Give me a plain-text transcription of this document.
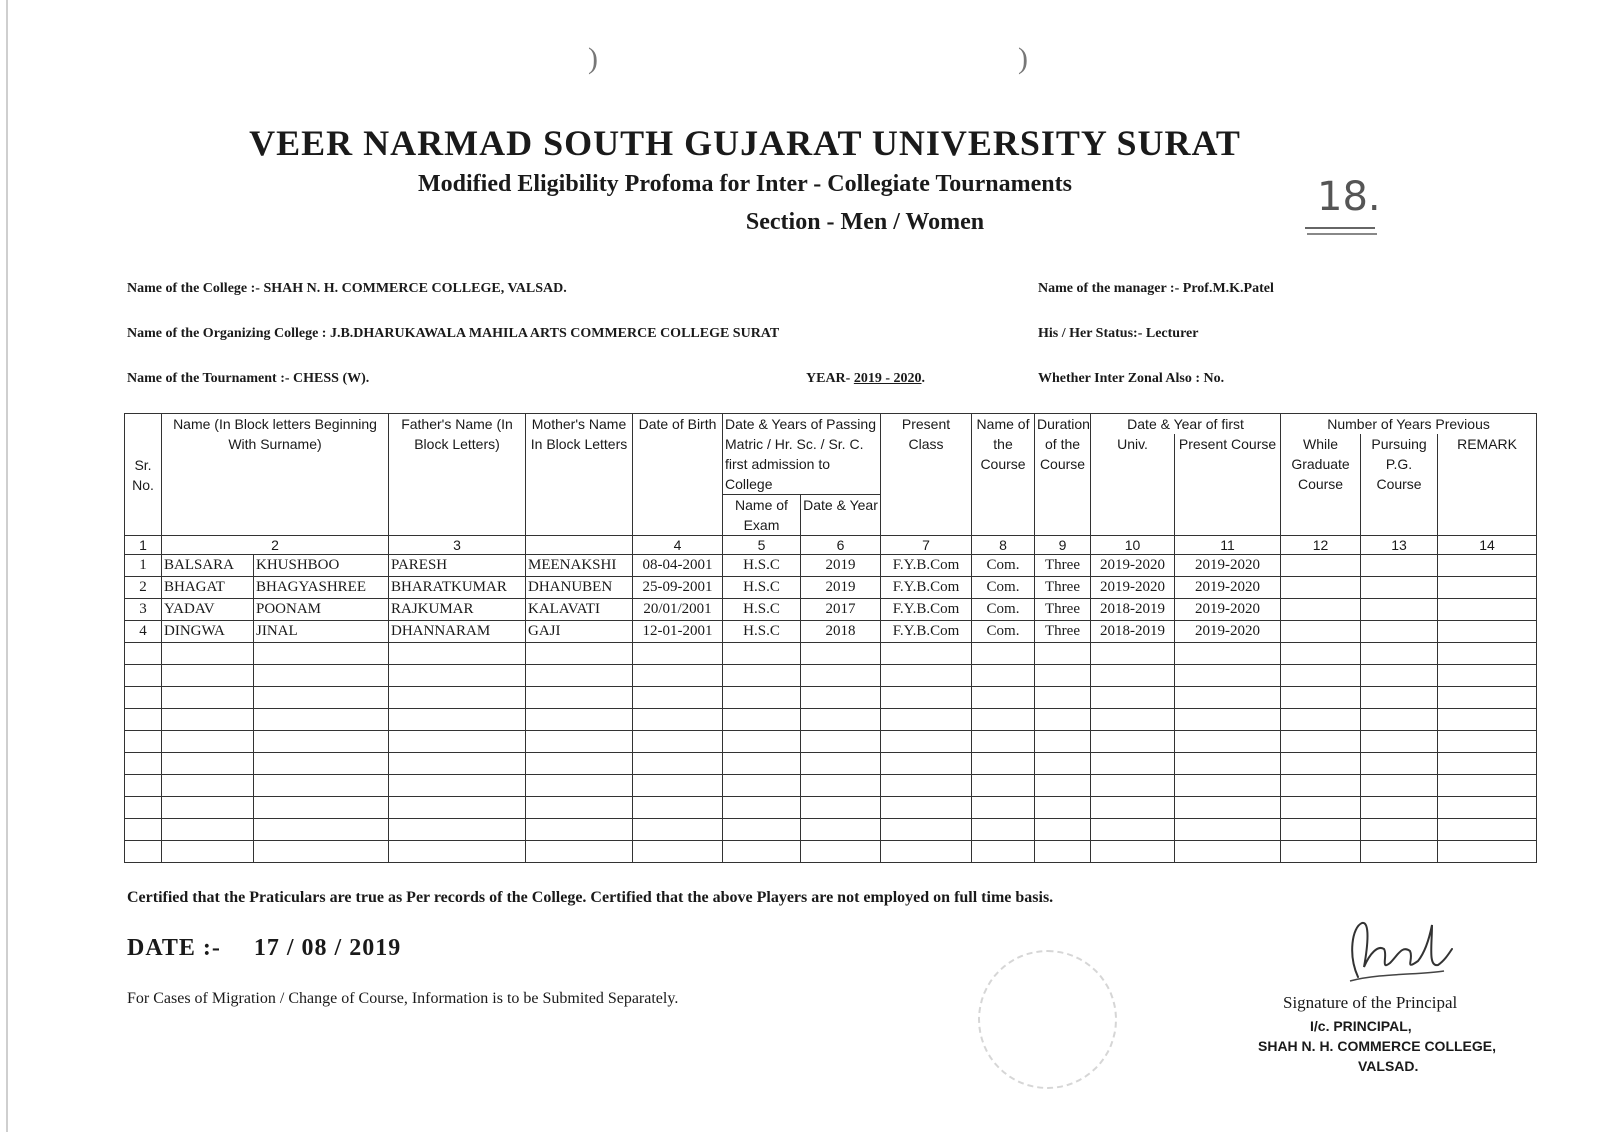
)	)
VEER NARMAD SOUTH GUJARAT UNIVERSITY SURAT
Modified Eligibility Profoma for Inter - Collegiate Tournaments
Section - Men / Women
18.
Name of the College :- SHAH N. H. COMMERCE COLLEGE, VALSAD.
Name of the Organizing College : J.B.DHARUKAWALA MAHILA ARTS COMMERCE COLLEGE SURAT
Name of the Tournament :- CHESS (W).	YEAR- 2019 - 2020.
Name of the manager :- Prof.M.K.Patel
His / Her Status:- Lecturer
Whether Inter Zonal Also : No.
Sr. No.	Name (In Block letters Beginning With Surname)		Father's Name (In Block Letters)	Mother's Name In Block Letters	Date of Birth	Date & Years of Passing Matric / Hr. Sc. / Sr. C. first admission to College		Present Class	Name of the Course	Duration of the Course	Date & Year of first		Number of Years Previous		
											Univ.	Present Course	While Graduate Course	Pursuing P.G. Course	REMARK
						Name of Exam	Date & Year								
1	2		3		4	5	6	7	8	9	10	11	12	13	14
1	BALSARA	KHUSHBOO	PARESH	MEENAKSHI	08-04-2001	H.S.C	2019	F.Y.B.Com	Com.	Three	2019-2020	2019-2020			
2	BHAGAT	BHAGYASHREE	BHARATKUMAR	DHANUBEN	25-09-2001	H.S.C	2019	F.Y.B.Com	Com.	Three	2019-2020	2019-2020			
3	YADAV	POONAM	RAJKUMAR	KALAVATI	20/01/2001	H.S.C	2017	F.Y.B.Com	Com.	Three	2018-2019	2019-2020			
4	DINGWA	JINAL	DHANNARAM	GAJI	12-01-2001	H.S.C	2018	F.Y.B.Com	Com.	Three	2018-2019	2019-2020			

Certified that the Praticulars are true as Per records of the College. Certified that the above Players are not employed on full time basis.
DATE :- 17 / 08 / 2019
For Cases of Migration / Change of Course, Information is to be Submited Separately.	Signature of the Principal
I/c. PRINCIPAL,
SHAH N. H. COMMERCE COLLEGE,
VALSAD.
